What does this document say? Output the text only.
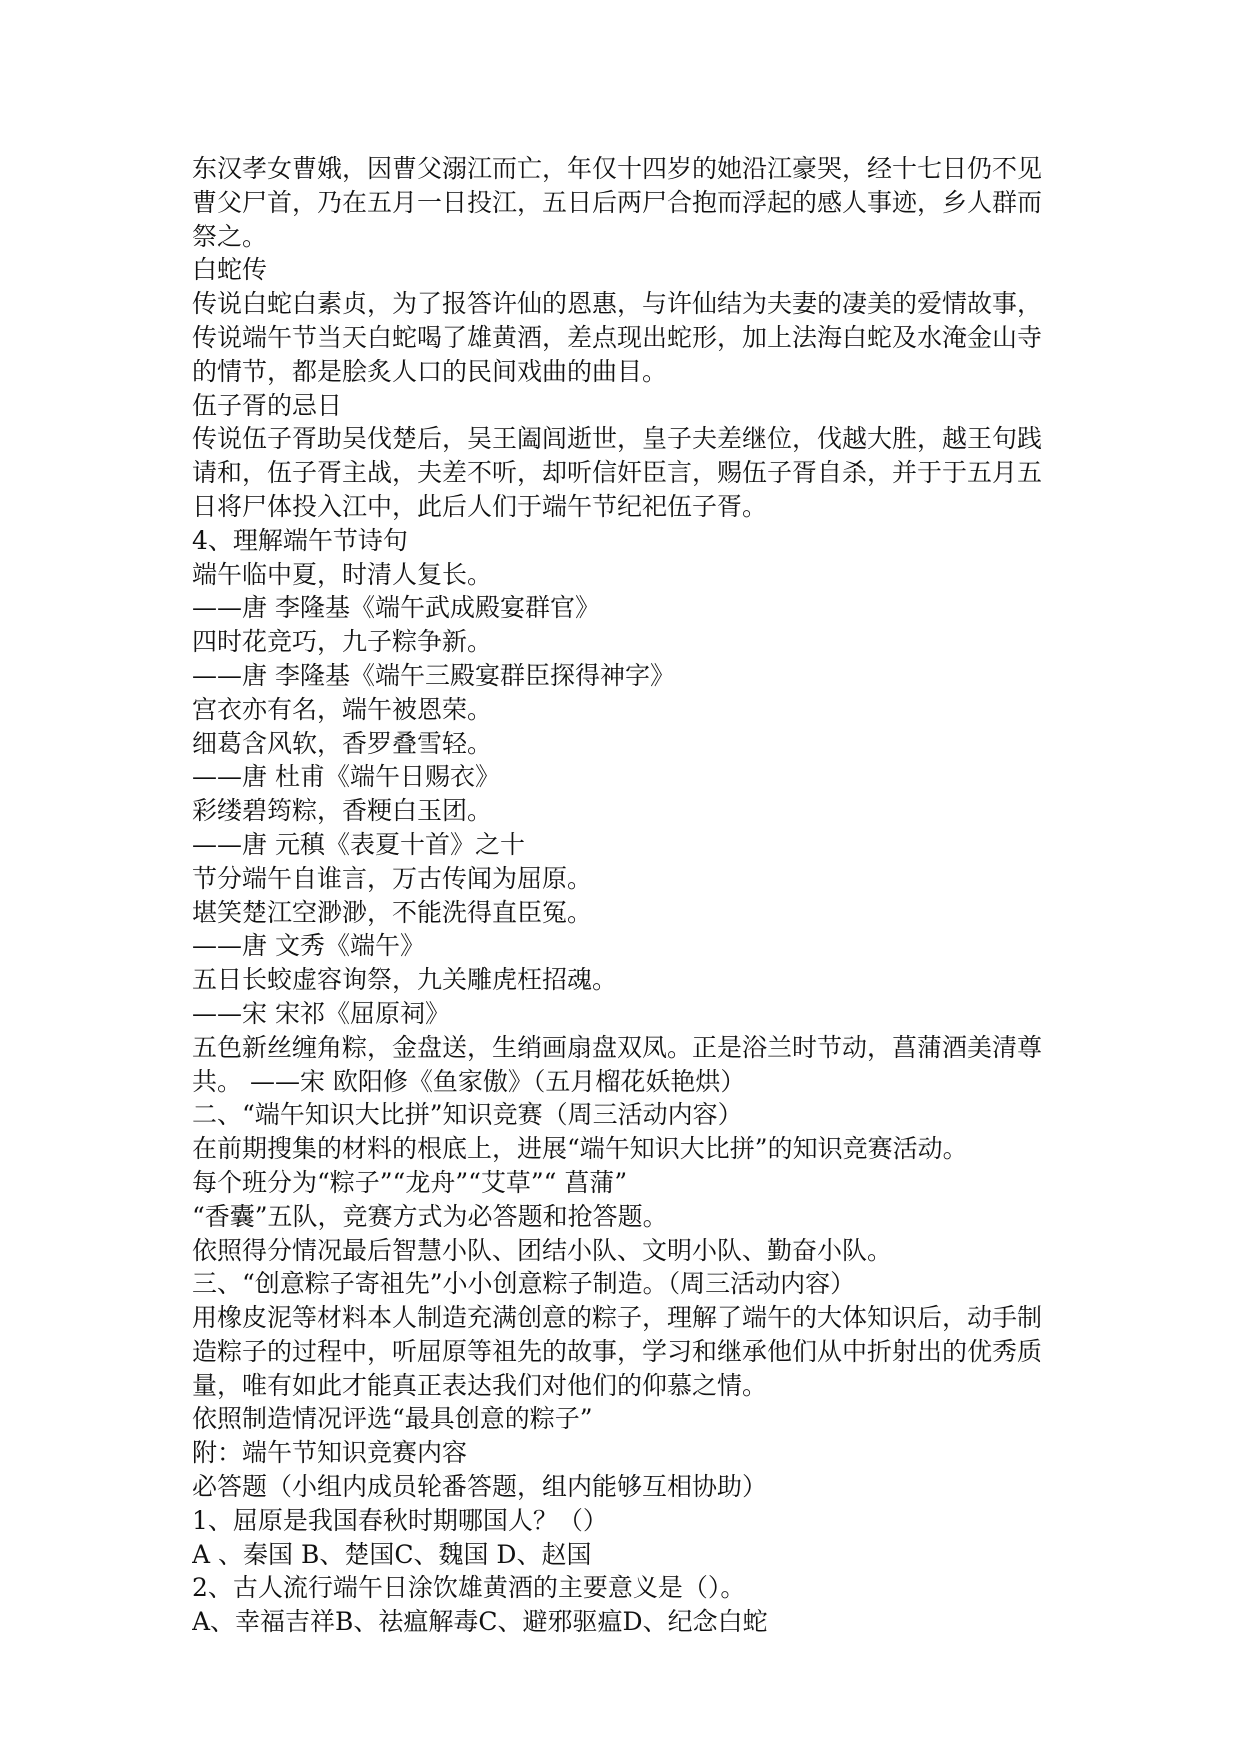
东汉孝女曹娥，因曹父溺江而亡，年仅十四岁的她沿江豪哭，经十七日仍不见
曹父尸首，乃在五月一日投江，五日后两尸合抱而浮起的感人事迹，乡人群而
祭之。
白蛇传
传说白蛇白素贞，为了报答许仙的恩惠，与许仙结为夫妻的凄美的爱情故事，
传说端午节当天白蛇喝了雄黄酒，差点现出蛇形，加上法海白蛇及水淹金山寺
的情节，都是脍炙人口的民间戏曲的曲目。
伍子胥的忌日
传说伍子胥助吴伐楚后，吴王阖闾逝世，皇子夫差继位，伐越大胜，越王句践
请和，伍子胥主战，夫差不听，却听信奸臣言，赐伍子胥自杀，并于于五月五
日将尸体投入江中，此后人们于端午节纪祀伍子胥。
4、理解端午节诗句
端午临中夏，时清人复长。
——唐 李隆基《端午武成殿宴群官》
四时花竞巧，九子粽争新。
——唐 李隆基《端午三殿宴群臣探得神字》
宫衣亦有名，端午被恩荣。
细葛含风软，香罗叠雪轻。
——唐 杜甫《端午日赐衣》
彩缕碧筠粽，香粳白玉团。
——唐 元稹《表夏十首》之十
节分端午自谁言，万古传闻为屈原。
堪笑楚江空渺渺，不能洗得直臣冤。
——唐 文秀《端午》
五日长蛟虚容询祭，九关雕虎枉招魂。
——宋 宋祁《屈原祠》
五色新丝缠角粽，金盘送，生绡画扇盘双凤。正是浴兰时节动，菖蒲酒美清尊
共。 ——宋 欧阳修《鱼家傲》（五月榴花妖艳烘）
二、“端午知识大比拼”知识竞赛（周三活动内容）
在前期搜集的材料的根底上，进展“端午知识大比拼”的知识竞赛活动。
每个班分为“粽子”“龙舟”“艾草”“ 菖蒲”
“香囊”五队，竞赛方式为必答题和抢答题。
依照得分情况最后智慧小队、团结小队、文明小队、勤奋小队。
三、“创意粽子寄祖先”小小创意粽子制造。（周三活动内容）
用橡皮泥等材料本人制造充满创意的粽子，理解了端午的大体知识后，动手制
造粽子的过程中，听屈原等祖先的故事，学习和继承他们从中折射出的优秀质
量，唯有如此才能真正表达我们对他们的仰慕之情。
依照制造情况评选“最具创意的粽子”
附：端午节知识竞赛内容
必答题（小组内成员轮番答题，组内能够互相协助）
1、屈原是我国春秋时期哪国人？（）
A 、秦国 B、楚国C、魏国 D、赵国
2、古人流行端午日涂饮雄黄酒的主要意义是（）。
A、幸福吉祥B、祛瘟解毒C、避邪驱瘟D、纪念白蛇
